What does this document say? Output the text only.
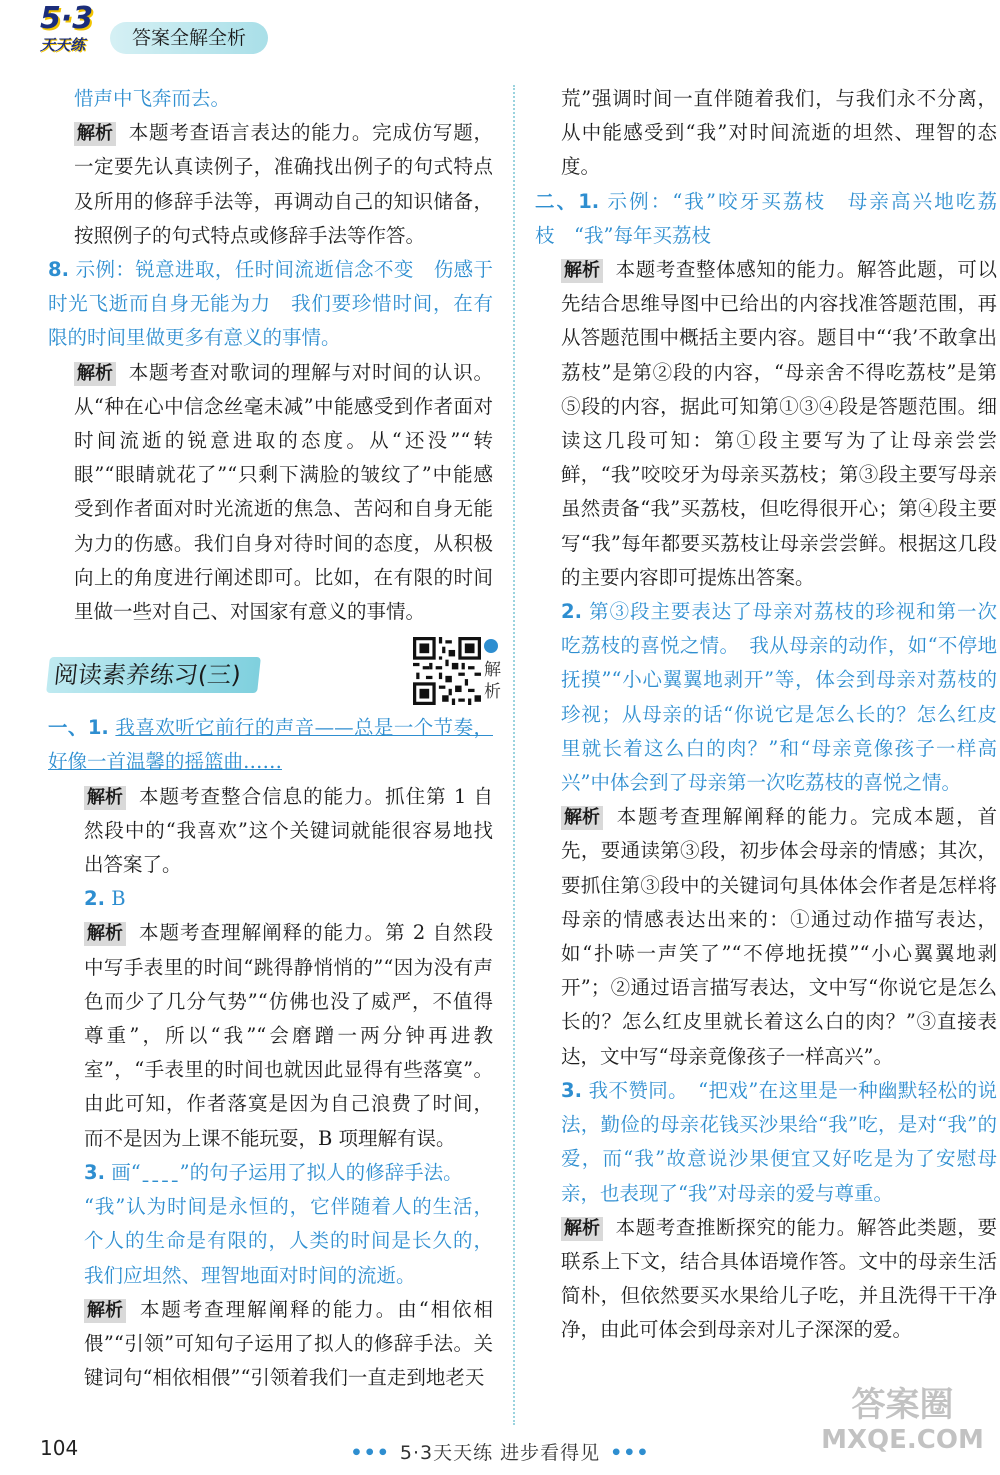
5·3
天天练	答案全解全析

惜声中飞奔而去。

解析 本题考查语言表达的能力。完成仿写题，一定要先认真读例子，准确找出例子的句式特点及所用的修辞手法等，再调动自己的知识储备，按照例子的句式特点或修辞手法等作答。

8. 示例：锐意进取，任时间流逝信念不变　伤感于时光飞逝而自身无能为力　我们要珍惜时间，在有限的时间里做更多有意义的事情。

解析 本题考查对歌词的理解与对时间的认识。从“种在心中信念丝毫未减”中能感受到作者面对时间流逝的锐意进取的态度。从“还没”“转眼”“眼睛就花了”“只剩下满脸的皱纹了”中能感受到作者面对时光流逝的焦急、苦闷和自身无能为力的伤感。我们自身对待时间的态度，从积极向上的角度进行阐述即可。比如，在有限的时间里做一些对自己、对国家有意义的事情。

阅读素养练习(三)	解析

一、1. 我喜欢听它前行的声音——总是一个节奏，好像一首温馨的摇篮曲……

解析 本题考查整合信息的能力。抓住第 1 自然段中的“我喜欢”这个关键词就能很容易地找出答案了。

2. B

解析 本题考查理解阐释的能力。第 2 自然段中写手表里的时间“跳得静悄悄的”“因为没有声色而少了几分气势”“仿佛也没了威严，不值得尊重”，所以“我”“会磨蹭一两分钟再进教室”，“手表里的时间也就因此显得有些落寞”。由此可知，作者落寞是因为自己浪费了时间，而不是因为上课不能玩耍，B 项理解有误。

3. 画“ˍˍˍˍ”的句子运用了拟人的修辞手法。

“我”认为时间是永恒的，它伴随着人的生活，个人的生命是有限的，人类的时间是长久的，我们应坦然、理智地面对时间的流逝。

解析 本题考查理解阐释的能力。由“相依相偎”“引领”可知句子运用了拟人的修辞手法。关键词句“相依相偎”“引领着我们一直走到地老天

荒”强调时间一直伴随着我们，与我们永不分离，从中能感受到“我”对时间流逝的坦然、理智的态度。

二、1. 示例：“我”咬牙买荔枝　母亲高兴地吃荔枝　“我”每年买荔枝

解析 本题考查整体感知的能力。解答此题，可以先结合思维导图中已给出的内容找准答题范围，再从答题范围中概括主要内容。题目中“‘我’不敢拿出荔枝”是第②段的内容，“母亲舍不得吃荔枝”是第⑤段的内容，据此可知第①③④段是答题范围。细读这几段可知：第①段主要写为了让母亲尝尝鲜，“我”咬咬牙为母亲买荔枝；第③段主要写母亲虽然责备“我”买荔枝，但吃得很开心；第④段主要写“我”每年都要买荔枝让母亲尝尝鲜。根据这几段的主要内容即可提炼出答案。

2. 第③段主要表达了母亲对荔枝的珍视和第一次吃荔枝的喜悦之情。　我从母亲的动作，如“不停地抚摸”“小心翼翼地剥开”等，体会到母亲对荔枝的珍视；从母亲的话“你说它是怎么长的？怎么红皮里就长着这么白的肉？”和“母亲竟像孩子一样高兴”中体会到了母亲第一次吃荔枝的喜悦之情。

解析 本题考查理解阐释的能力。完成本题，首先，要通读第③段，初步体会母亲的情感；其次，要抓住第③段中的关键词句具体体会作者是怎样将母亲的情感表达出来的：①通过动作描写表达，如“扑哧一声笑了”“不停地抚摸”“小心翼翼地剥开”；②通过语言描写表达，文中写“你说它是怎么长的？怎么红皮里就长着这么白的肉？”③直接表达，文中写“母亲竟像孩子一样高兴”。

3. 我不赞同。　“把戏”在这里是一种幽默轻松的说法，勤俭的母亲花钱买沙果给“我”吃，是对“我”的爱，而“我”故意说沙果便宜又好吃是为了安慰母亲，也表现了“我”对母亲的爱与尊重。

解析 本题考查推断探究的能力。解答此类题，要联系上下文，结合具体语境作答。文中的母亲生活简朴，但依然要买水果给儿子吃，并且洗得干干净净，由此可体会到母亲对儿子深深的爱。

104	••• 5·3天天练 进步看得见 •••
答案圈
MXQE.COM
